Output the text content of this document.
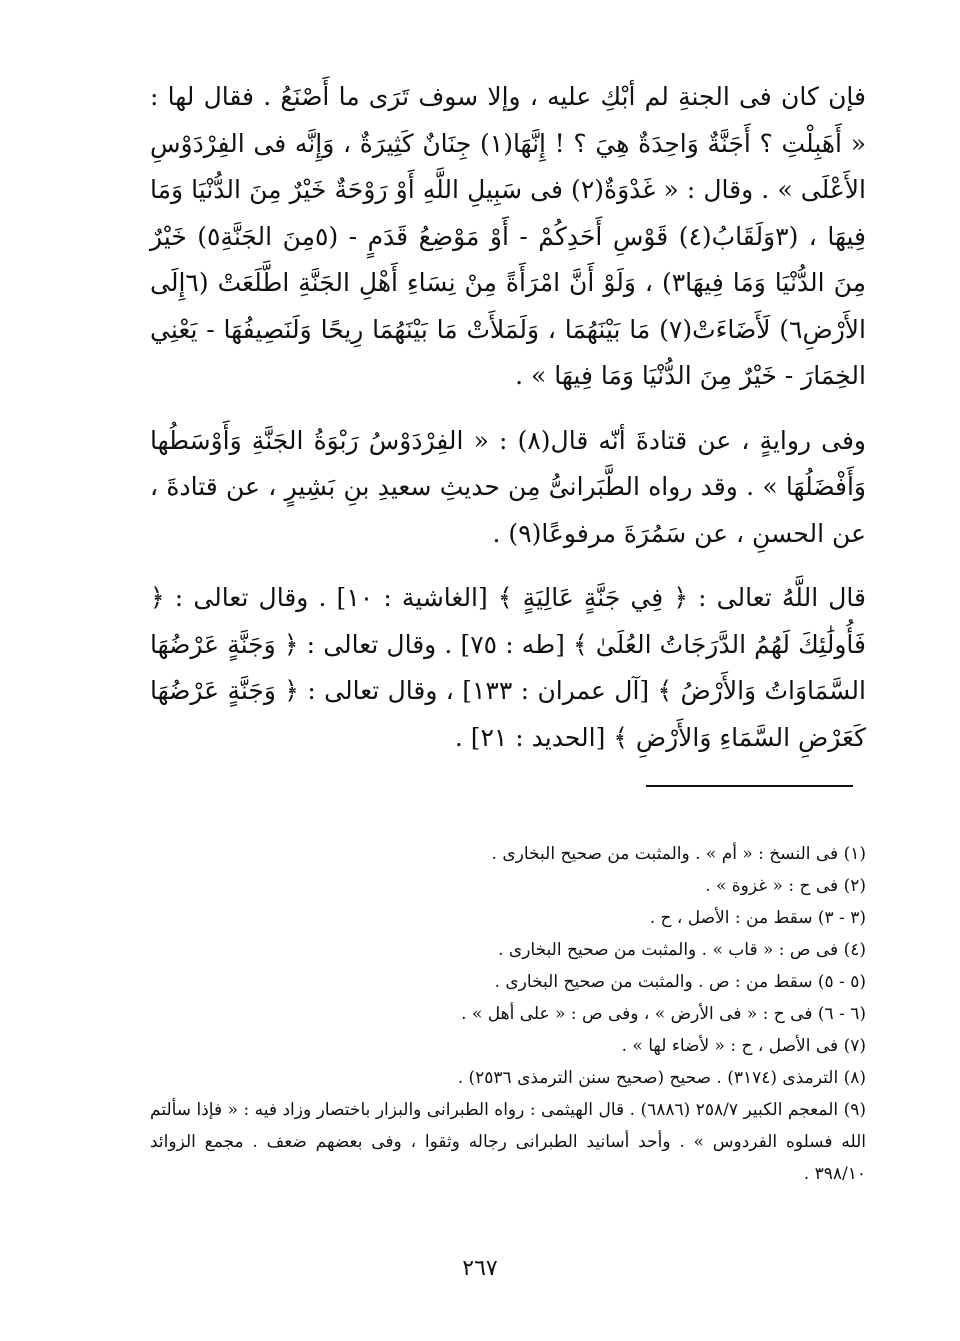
فإن كان فى الجنةِ لم أبْكِ عليه ، وإلا سوف تَرَى ما أَصْنَعُ . فقال لها : « أَهَبِلْتِ ؟ أَجَنَّةٌ وَاحِدَةٌ هِيَ ؟ ! إِنَّهَا(١) جِنَانٌ كَثِيرَةٌ ، وَإِنَّه فى الفِرْدَوْسِ الأَعْلَى » . وقال : « غَدْوَةٌ(٢) فى سَبِيلِ اللَّهِ أَوْ رَوْحَةٌ خَيْرٌ مِنَ الدُّنْيَا وَمَا فِيهَا ، (٣وَلَقَابُ(٤) قَوْسِ أَحَدِكُمْ - أَوْ مَوْضِعُ قَدَمٍ - (٥مِنَ الجَنَّةِ٥) خَيْرٌ مِنَ الدُّنْيَا وَمَا فِيهَا٣) ، وَلَوْ أَنَّ امْرَأَةً مِنْ نِسَاءِ أَهْلِ الجَنَّةِ اطَّلَعَتْ (٦إِلَى الأَرْضِ٦) لَأَضَاءَتْ(٧) مَا بَيْنَهُمَا ، وَلَمَلأَتْ مَا بَيْنَهُمَا رِيحًا وَلَنَصِيفُهَا - يَعْنِي الخِمَارَ - خَيْرٌ مِنَ الدُّنْيَا وَمَا فِيهَا » .

وفى روايةٍ ، عن قتادةَ أنّه قال(٨) : « الفِرْدَوْسُ رَبْوَةُ الجَنَّةِ وَأَوْسَطُها وَأَفْضَلُهَا » . وقد رواه الطَّبَرانىُّ مِن حديثِ سعيدِ بنِ بَشِيرٍ ، عن قتادةَ ، عن الحسنِ ، عن سَمُرَةَ مرفوعًا(٩) .

قال اللَّهُ تعالى : ﴿ فِي جَنَّةٍ عَالِيَةٍ ﴾ [الغاشية : ١٠] . وقال تعالى : ﴿ فَأُولَٰئِكَ لَهُمُ الدَّرَجَاتُ العُلَىٰ ﴾ [طه : ٧٥] . وقال تعالى : ﴿ وَجَنَّةٍ عَرْضُهَا السَّمَاوَاتُ وَالأَرْضُ ﴾ [آل عمران : ١٣٣] ، وقال تعالى : ﴿ وَجَنَّةٍ عَرْضُهَا كَعَرْضِ السَّمَاءِ وَالأَرْضِ ﴾ [الحديد : ٢١] .

(١) فى النسخ : « أم » . والمثبت من صحيح البخارى .

(٢) فى ح : « غزوة » .

(٣ - ٣) سقط من : الأصل ، ح .

(٤) فى ص : « قاب » . والمثبت من صحيح البخارى .

(٥ - ٥) سقط من : ص . والمثبت من صحيح البخارى .

(٦ - ٦) فى ح : « فى الأرض » ، وفى ص : « على أهل » .

(٧) فى الأصل ، ح : « لأضاء لها » .

(٨) الترمذى (٣١٧٤) . صحيح (صحيح سنن الترمذى ٢٥٣٦) .

(٩) المعجم الكبير ٢٥٨/٧ (٦٨٨٦) . قال الهيثمى : رواه الطبرانى والبزار باختصار وزاد فيه : « فإذا سألتم الله فسلوه الفردوس » . وأحد أسانيد الطبرانى رجاله وثقوا ، وفى بعضهم ضعف . مجمع الزوائد ٣٩٨/١٠ .

٢٦٧
